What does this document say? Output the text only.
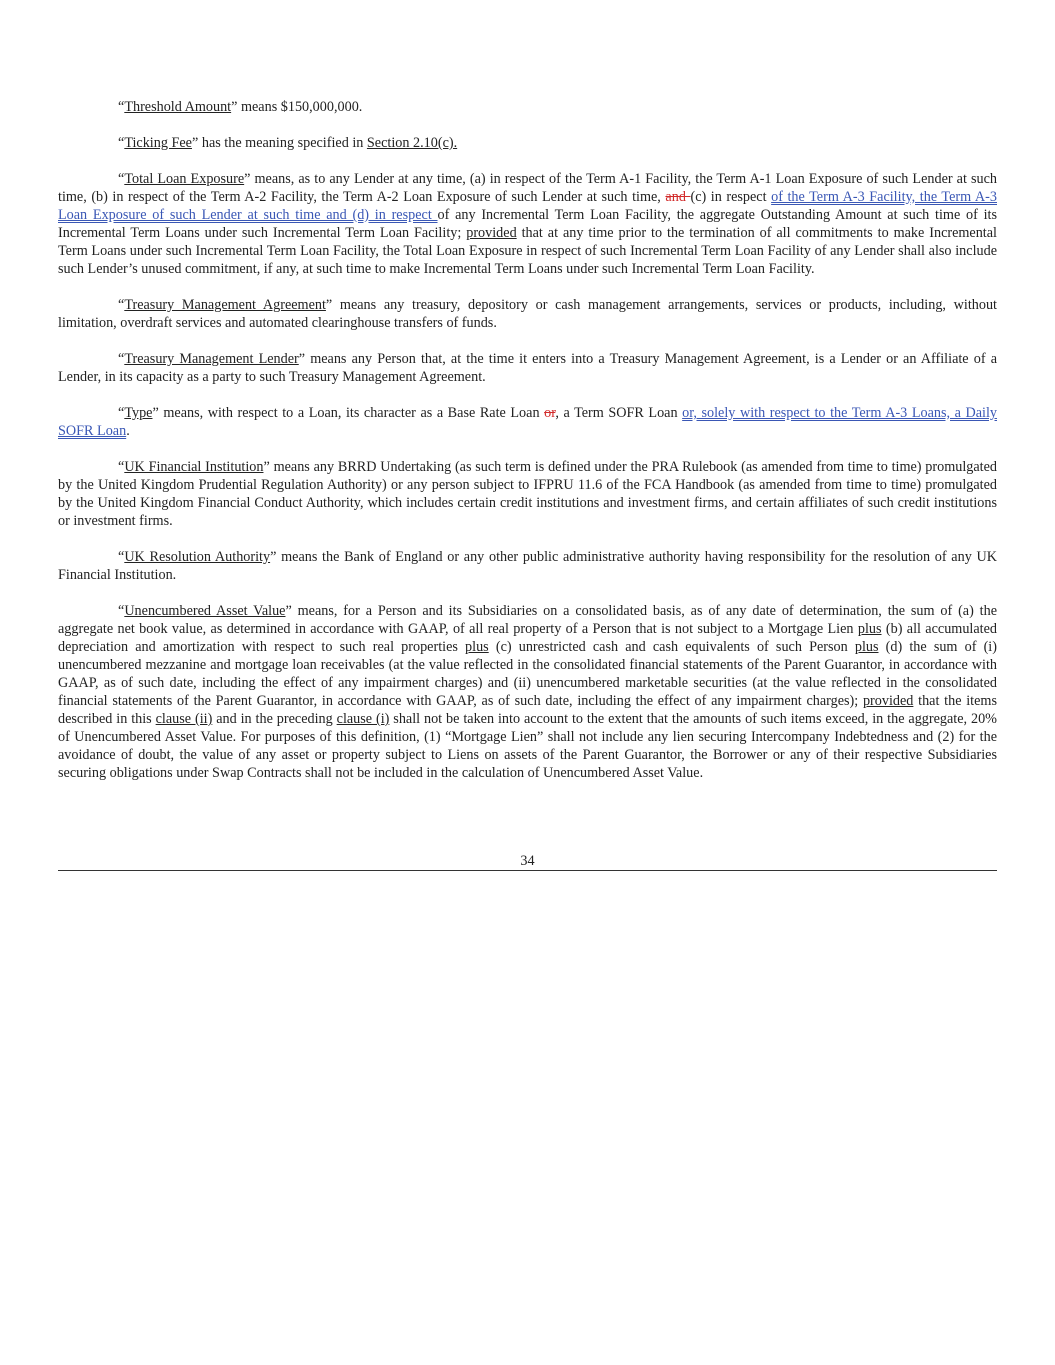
“Threshold Amount” means $150,000,000.

“Ticking Fee” has the meaning specified in Section 2.10(c).

“Total Loan Exposure” means, as to any Lender at any time, (a) in respect of the Term A-1 Facility, the Term A-1 Loan Exposure of such Lender at such time, (b) in respect of the Term A-2 Facility, the Term A-2 Loan Exposure of such Lender at such time, and (c) in respect of the Term A-3 Facility, the Term A-3 Loan Exposure of such Lender at such time and (d) in respect of any Incremental Term Loan Facility, the aggregate Outstanding Amount at such time of its Incremental Term Loans under such Incremental Term Loan Facility; provided that at any time prior to the termination of all commitments to make Incremental Term Loans under such Incremental Term Loan Facility, the Total Loan Exposure in respect of such Incremental Term Loan Facility of any Lender shall also include such Lender’s unused commitment, if any, at such time to make Incremental Term Loans under such Incremental Term Loan Facility.

“Treasury Management Agreement” means any treasury, depository or cash management arrangements, services or products, including, without limitation, overdraft services and automated clearinghouse transfers of funds.

“Treasury Management Lender” means any Person that, at the time it enters into a Treasury Management Agreement, is a Lender or an Affiliate of a Lender, in its capacity as a party to such Treasury Management Agreement.

“Type” means, with respect to a Loan, its character as a Base Rate Loan or, a Term SOFR Loan or, solely with respect to the Term A-3 Loans, a Daily SOFR Loan.

“UK Financial Institution” means any BRRD Undertaking (as such term is defined under the PRA Rulebook (as amended from time to time) promulgated by the United Kingdom Prudential Regulation Authority) or any person subject to IFPRU 11.6 of the FCA Handbook (as amended from time to time) promulgated by the United Kingdom Financial Conduct Authority, which includes certain credit institutions and investment firms, and certain affiliates of such credit institutions or investment firms.

“UK Resolution Authority” means the Bank of England or any other public administrative authority having responsibility for the resolution of any UK Financial Institution.

“Unencumbered Asset Value” means, for a Person and its Subsidiaries on a consolidated basis, as of any date of determination, the sum of (a) the aggregate net book value, as determined in accordance with GAAP, of all real property of a Person that is not subject to a Mortgage Lien plus (b) all accumulated depreciation and amortization with respect to such real properties plus (c) unrestricted cash and cash equivalents of such Person plus (d) the sum of (i) unencumbered mezzanine and mortgage loan receivables (at the value reflected in the consolidated financial statements of the Parent Guarantor, in accordance with GAAP, as of such date, including the effect of any impairment charges) and (ii) unencumbered marketable securities (at the value reflected in the consolidated financial statements of the Parent Guarantor, in accordance with GAAP, as of such date, including the effect of any impairment charges); provided that the items described in this clause (ii) and in the preceding clause (i) shall not be taken into account to the extent that the amounts of such items exceed, in the aggregate, 20% of Unencumbered Asset Value. For purposes of this definition, (1) “Mortgage Lien” shall not include any lien securing Intercompany Indebtedness and (2) for the avoidance of doubt, the value of any asset or property subject to Liens on assets of the Parent Guarantor, the Borrower or any of their respective Subsidiaries securing obligations under Swap Contracts shall not be included in the calculation of Unencumbered Asset Value.

34
